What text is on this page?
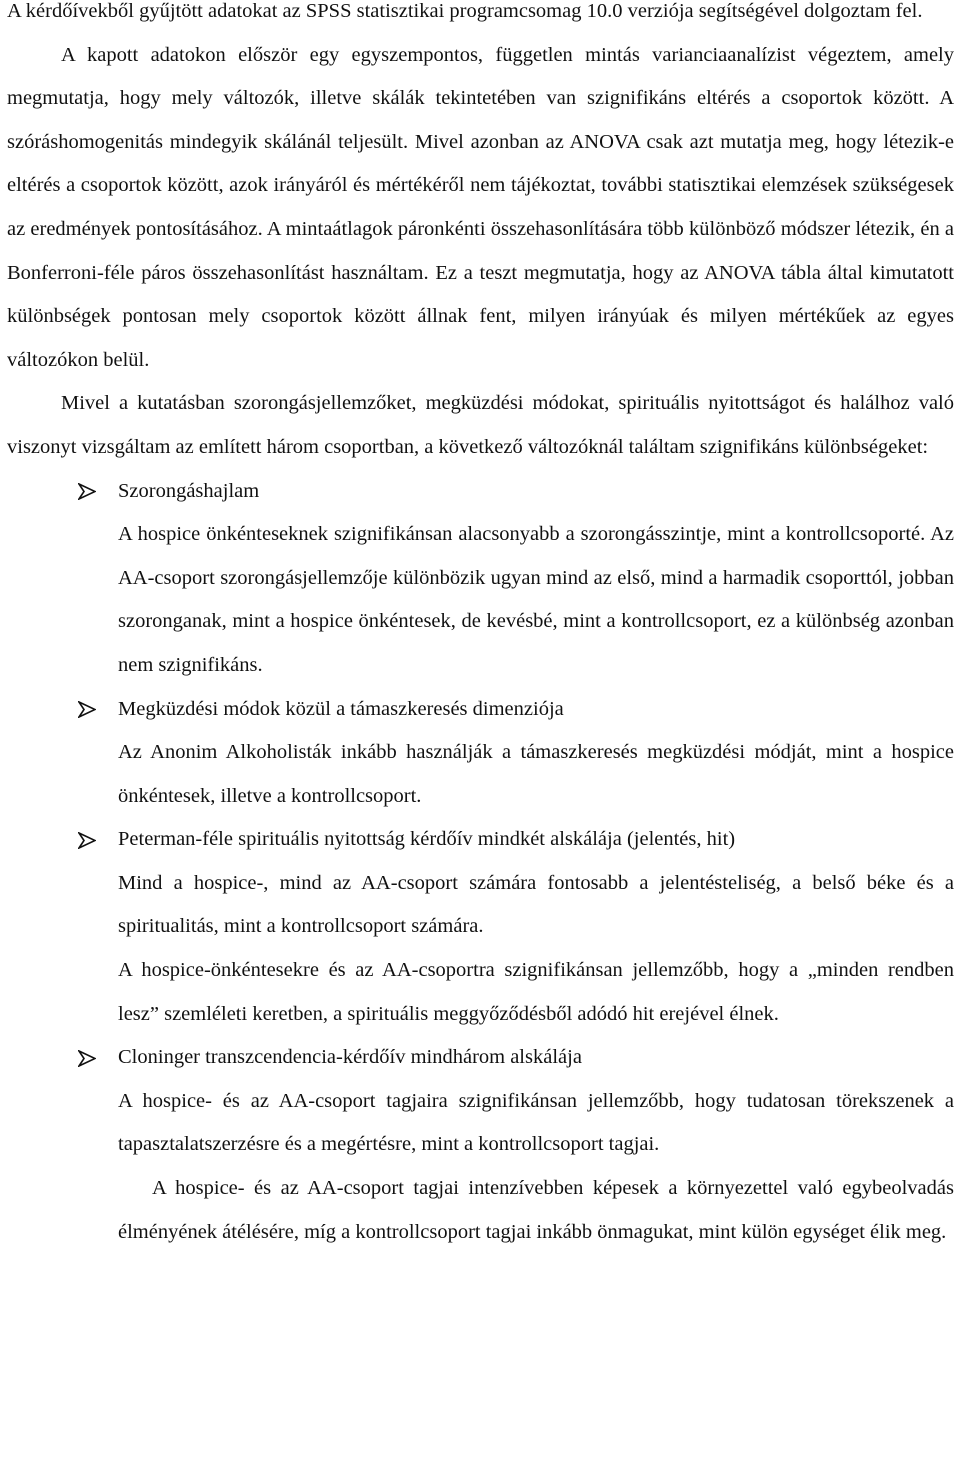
A kérdőívekből gyűjtött adatokat az SPSS statisztikai programcsomag 10.0 verziója segítségével dolgoztam fel.

A kapott adatokon először egy egyszempontos, független mintás varianciaanalízist végeztem, amely megmutatja, hogy mely változók, illetve skálák tekintetében van szignifikáns eltérés a csoportok között. A szóráshomogenitás mindegyik skálánál teljesült. Mivel azonban az ANOVA csak azt mutatja meg, hogy létezik-e eltérés a csoportok között, azok irányáról és mértékéről nem tájékoztat, további statisztikai elemzések szükségesek az eredmények pontosításához. A mintaátlagok páronkénti összehasonlítására több különböző módszer létezik, én a Bonferroni-féle páros összehasonlítást használtam. Ez a teszt megmutatja, hogy az ANOVA tábla által kimutatott különbségek pontosan mely csoportok között állnak fent, milyen irányúak és milyen mértékűek az egyes változókon belül.

Mivel a kutatásban szorongásjellemzőket, megküzdési módokat, spirituális nyitottságot és halálhoz való viszonyt vizsgáltam az említett három csoportban, a következő változóknál találtam szignifikáns különbségeket:

Szorongáshajlam

A hospice önkénteseknek szignifikánsan alacsonyabb a szorongásszintje, mint a kontrollcsoporté. Az AA-csoport szorongásjellemzője különbözik ugyan mind az első, mind a harmadik csoporttól, jobban szoronganak, mint a hospice önkéntesek, de kevésbé, mint a kontrollcsoport, ez a különbség azonban nem szignifikáns.

Megküzdési módok közül a támaszkeresés dimenziója

Az Anonim Alkoholisták inkább használják a támaszkeresés megküzdési módját, mint a hospice önkéntesek, illetve a kontrollcsoport.

Peterman-féle spirituális nyitottság kérdőív mindkét alskálája (jelentés, hit)

Mind a hospice-, mind az AA-csoport számára fontosabb a jelentésteliség, a belső béke és a spiritualitás, mint a kontrollcsoport számára.

A hospice-önkéntesekre és az AA-csoportra szignifikánsan jellemzőbb, hogy a „minden rendben lesz” szemléleti keretben, a spirituális meggyőződésből adódó hit erejével élnek.

Cloninger transzcendencia-kérdőív mindhárom alskálája

A hospice- és az AA-csoport tagjaira szignifikánsan jellemzőbb, hogy tudatosan törekszenek a tapasztalatszerzésre és a megértésre, mint a kontrollcsoport tagjai.

A hospice- és az AA-csoport tagjai intenzívebben képesek a környezettel való egybeolvadás élményének átélésére, míg a kontrollcsoport tagjai inkább önmagukat, mint külön egységet élik meg.
